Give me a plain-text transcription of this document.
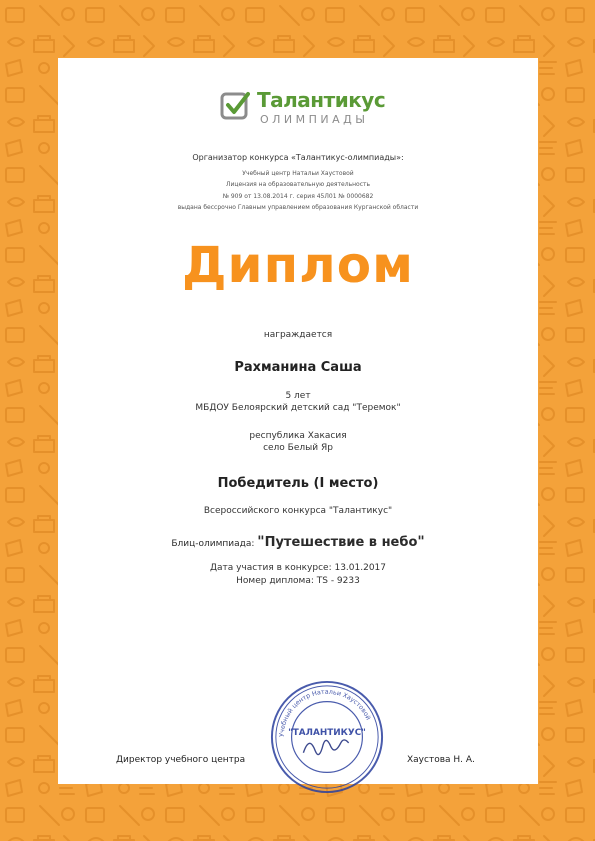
Талантикус
ОЛИМПИАДЫ
Организатор конкурса «Талантикус-олимпиады»:
Учебный центр Натальи Хаустовой
Лицензия на образовательную деятельность
№ 909 от 13.08.2014 г. серия 45Л01 № 0000682
выдана бессрочно Главным управлением образования Курганской области
Диплом
награждается
Рахманина Саша
5 лет
МБДОУ Белоярский детский сад "Теремок"
республика Хакасия
село Белый Яр
Победитель (I место)
Всероссийского конкурса "Талантикус"
Блиц-олимпиада: "Путешествие в небо"
Дата участия в конкурсе: 13.01.2017
Номер диплома: TS - 9233
Учебный центр Натальи Хаустовой
"ТАЛАНТИКУС"
Директор учебного центра	Хаустова Н. А.
